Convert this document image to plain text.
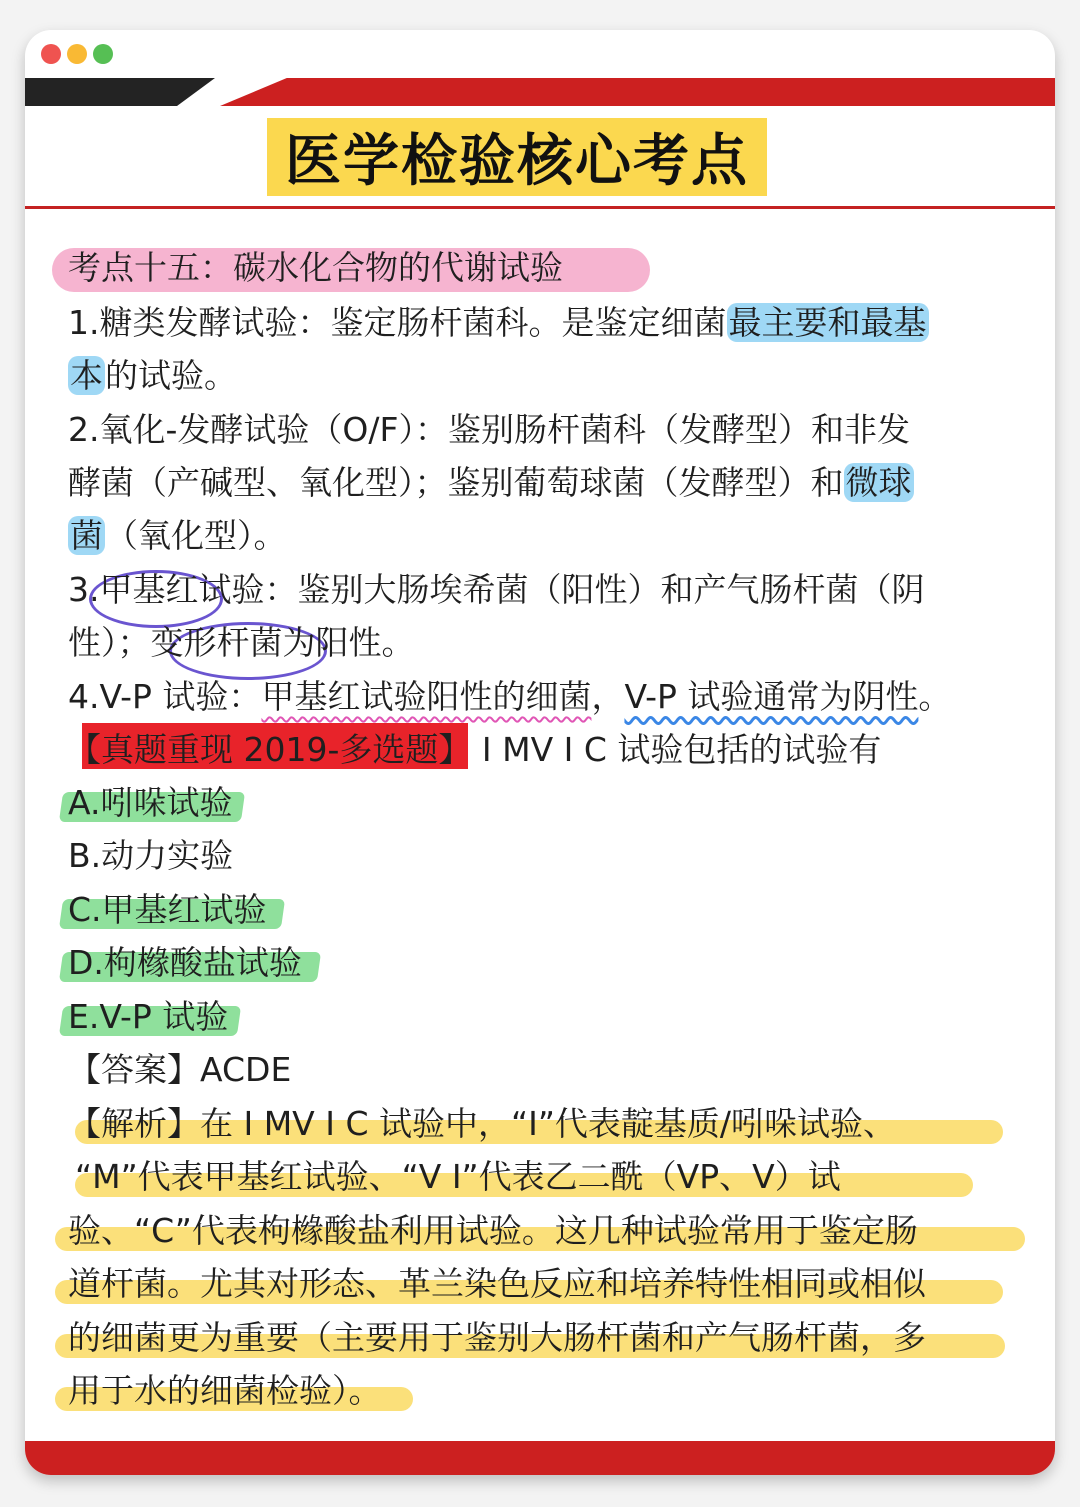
医学检验核心考点
考点十五：碳水化合物的代谢试验
1.糖类发酵试验：鉴定肠杆菌科。是鉴定细菌最主要和最基
本的试验。
2.氧化-发酵试验（O/F）：鉴别肠杆菌科（发酵型）和非发
酵菌（产碱型、氧化型）；鉴别葡萄球菌（发酵型）和微球
菌（氧化型）。
3.甲基红试验：鉴别大肠埃希菌（阳性）和产气肠杆菌（阴
性）；变形杆菌为阳性。
4.V-P 试验：甲基红试验阳性的细菌，V-P 试验通常为阴性。
【真题重现 2019-多选题】 I MV I C 试验包括的试验有
A.吲哚试验
B.动力实验
C.甲基红试验
D.枸橼酸盐试验
E.V-P 试验
【答案】ACDE
【解析】在 I MV I C 试验中，“I”代表靛基质/吲哚试验、
“M”代表甲基红试验、“V I”代表乙二酰（VP、V）试
验、“C”代表枸橼酸盐利用试验。这几种试验常用于鉴定肠
道杆菌。尤其对形态、革兰染色反应和培养特性相同或相似
的细菌更为重要（主要用于鉴别大肠杆菌和产气肠杆菌，多
用于水的细菌检验）。
